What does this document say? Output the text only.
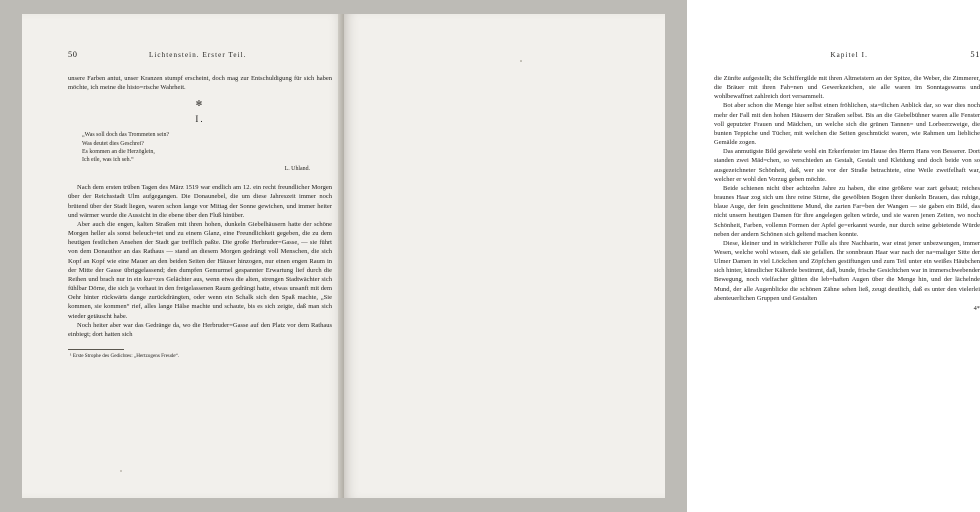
50	Lichtenstein. Erster Teil.

unsere Farben antut, unser Kranzen stumpf erscheint, doch mag zur Entschuldigung für sich haben möchte, ich meine die histo=rische Wahrheit.

✻
I.
„Was soll doch das Trommeten sein?
Was deutet dies Geschrei?
Es kommen an die Herzöglein,
Ich eile, was ich seh.“
L. Uhland.

Nach dem ersten trüben Tagen des März 1519 war endlich am 12. ein recht freundlicher Morgen über der Reichsstadt Ulm aufgegangen. Die Donaunebel, die um diese Jahreszeit immer noch brütend über der Stadt liegen, waren schon lange vor Mittag der Sonne gewichen, und immer heiter und wärmer wurde die Aussicht in die ebene über den Fluß hinüber.

Aber auch die engen, kalten Straßen mit ihren hohen, dunkeln Giebelhäusern hatte der schöne Morgen heller als sonst beleuch=tet und zu einem Glanz, eine Freundlichkeit gegeben, die zu dem heutigen festlichen Ansehen der Stadt gar trefflich paßte. Die große Herbruder=Gasse, — sie führt von dem Donauthor an das Rathaus — stand an diesem Morgen gedrängt voll Menschen, die sich Kopf an Kopf wie eine Mauer an den beiden Seiten der Häuser hinzogen, nur einen engen Raum in der Mitte der Gasse übriggelassend; den dumpfen Gemurmel gespannter Erwartung lief durch die Reihen und brach nur in ein kur=zes Gelächter aus, wenn etwa die alten, strengen Stadtwächter sich fühlbar Dörne, die sich ja vorhaut in den freigelassenen Raum gedrängt hatte, etwas unsanft mit dem Oehr hinter rückwärts dange zurückdrängten, oder wenn ein Schalk sich den Spaß machte, „Sie kommen, sie kommen“ rief, alles lange Hälse machte und schaute, bis es sich zeigte, daß man sich wieder getäuscht habe.

Noch heiter aber war das Gedränge da, wo die Herbruder=Gasse auf den Platz vor dem Rathaus einbiegt; dort hatten sich

¹ Erste Strophe des Gedichtes: „Hertzogens Freude“.

Kapitel I.	51

die Zünfte aufgestellt; die Schiffergilde mit ihren Altmeistern an der Spitze, die Weber, die Zimmerer, die Bräuer mit ihren Fah=nen und Gewerkzeichen, sie alle waren im Sonntagswams und wohlbewaffnet zahlreich dort versammelt.

Bot aber schon die Menge hier selbst einen fröhlichen, sta=tlichen Anblick dar, so war dies noch mehr der Fall mit den hohen Häusern der Straßen selbst. Bis an die Giebelbühner waren alle Fenster voll geputzter Frauen und Mädchen, un welche sich die grünen Tannen= und Lorbeerzweige, die bunten Teppiche und Tücher, mit welchen die Seiten geschmückt waren, wie Rahmen um liebliche Gemälde zogen.

Das anmutigste Bild gewährte wohl ein Erkerfenster im Hause des Herrn Hans von Besserer. Dort standen zwei Mäd=chen, so verschieden an Gestalt, Gestalt und Kleidung und doch beide von so ausgezeichneter Schönheit, daß, wer sie vor der Straße betrachtete, eine Weile zweifelhaft war, welcher er wohl den Vorzug geben möchte.

Beide schienen nicht über achtzehn Jahre zu haben, die eine größere war zart gebaut; reiches braunes Haar zog sich um ihre reine Stirne, die gewölbten Bogen ihrer dunkeln Brauen, das ruhige, blaue Auge, der fein geschnittene Mund, die zarten Far=ben der Wangen — sie gaben ein Bild, das nicht unsern heutigen Damen für ihre angelegen gelten würde, und sie waren jenen Zeiten, wo noch Schönheit, Farben, vollemn Formen der Apfel ge=erkannt wurde, nur durch seine gebietende Würde neben der andern Schönen sich geltend machen konnte.

Diese, kleiner und in wirklicherer Fülle als ihre Nachbarin, war einst jener unbezwungen, immer Wesen, welche wohl wissen, daß sie gefallen. Ihr sonnbraun Haar war nach der na=maliger Sitte der Ulmer Damen in viel Löckchen und Zöpfchen gestiftungen und zum Teil unter ein weißes Häubchen sich hinter, künstlicher Kälterde bestimmt, daß, bunde, frische Gesichtchen war in immerschwebender Bewegung, noch vielfacher glitten die leb=haften Augen über die Menge hin, und der lächelnde Mund, der alle Augenblicke die schönen Zähne sehen ließ, zeugt deutlich, daß es unter den vielerlei abenteuerlichen Gruppen und Gestalten

4*
